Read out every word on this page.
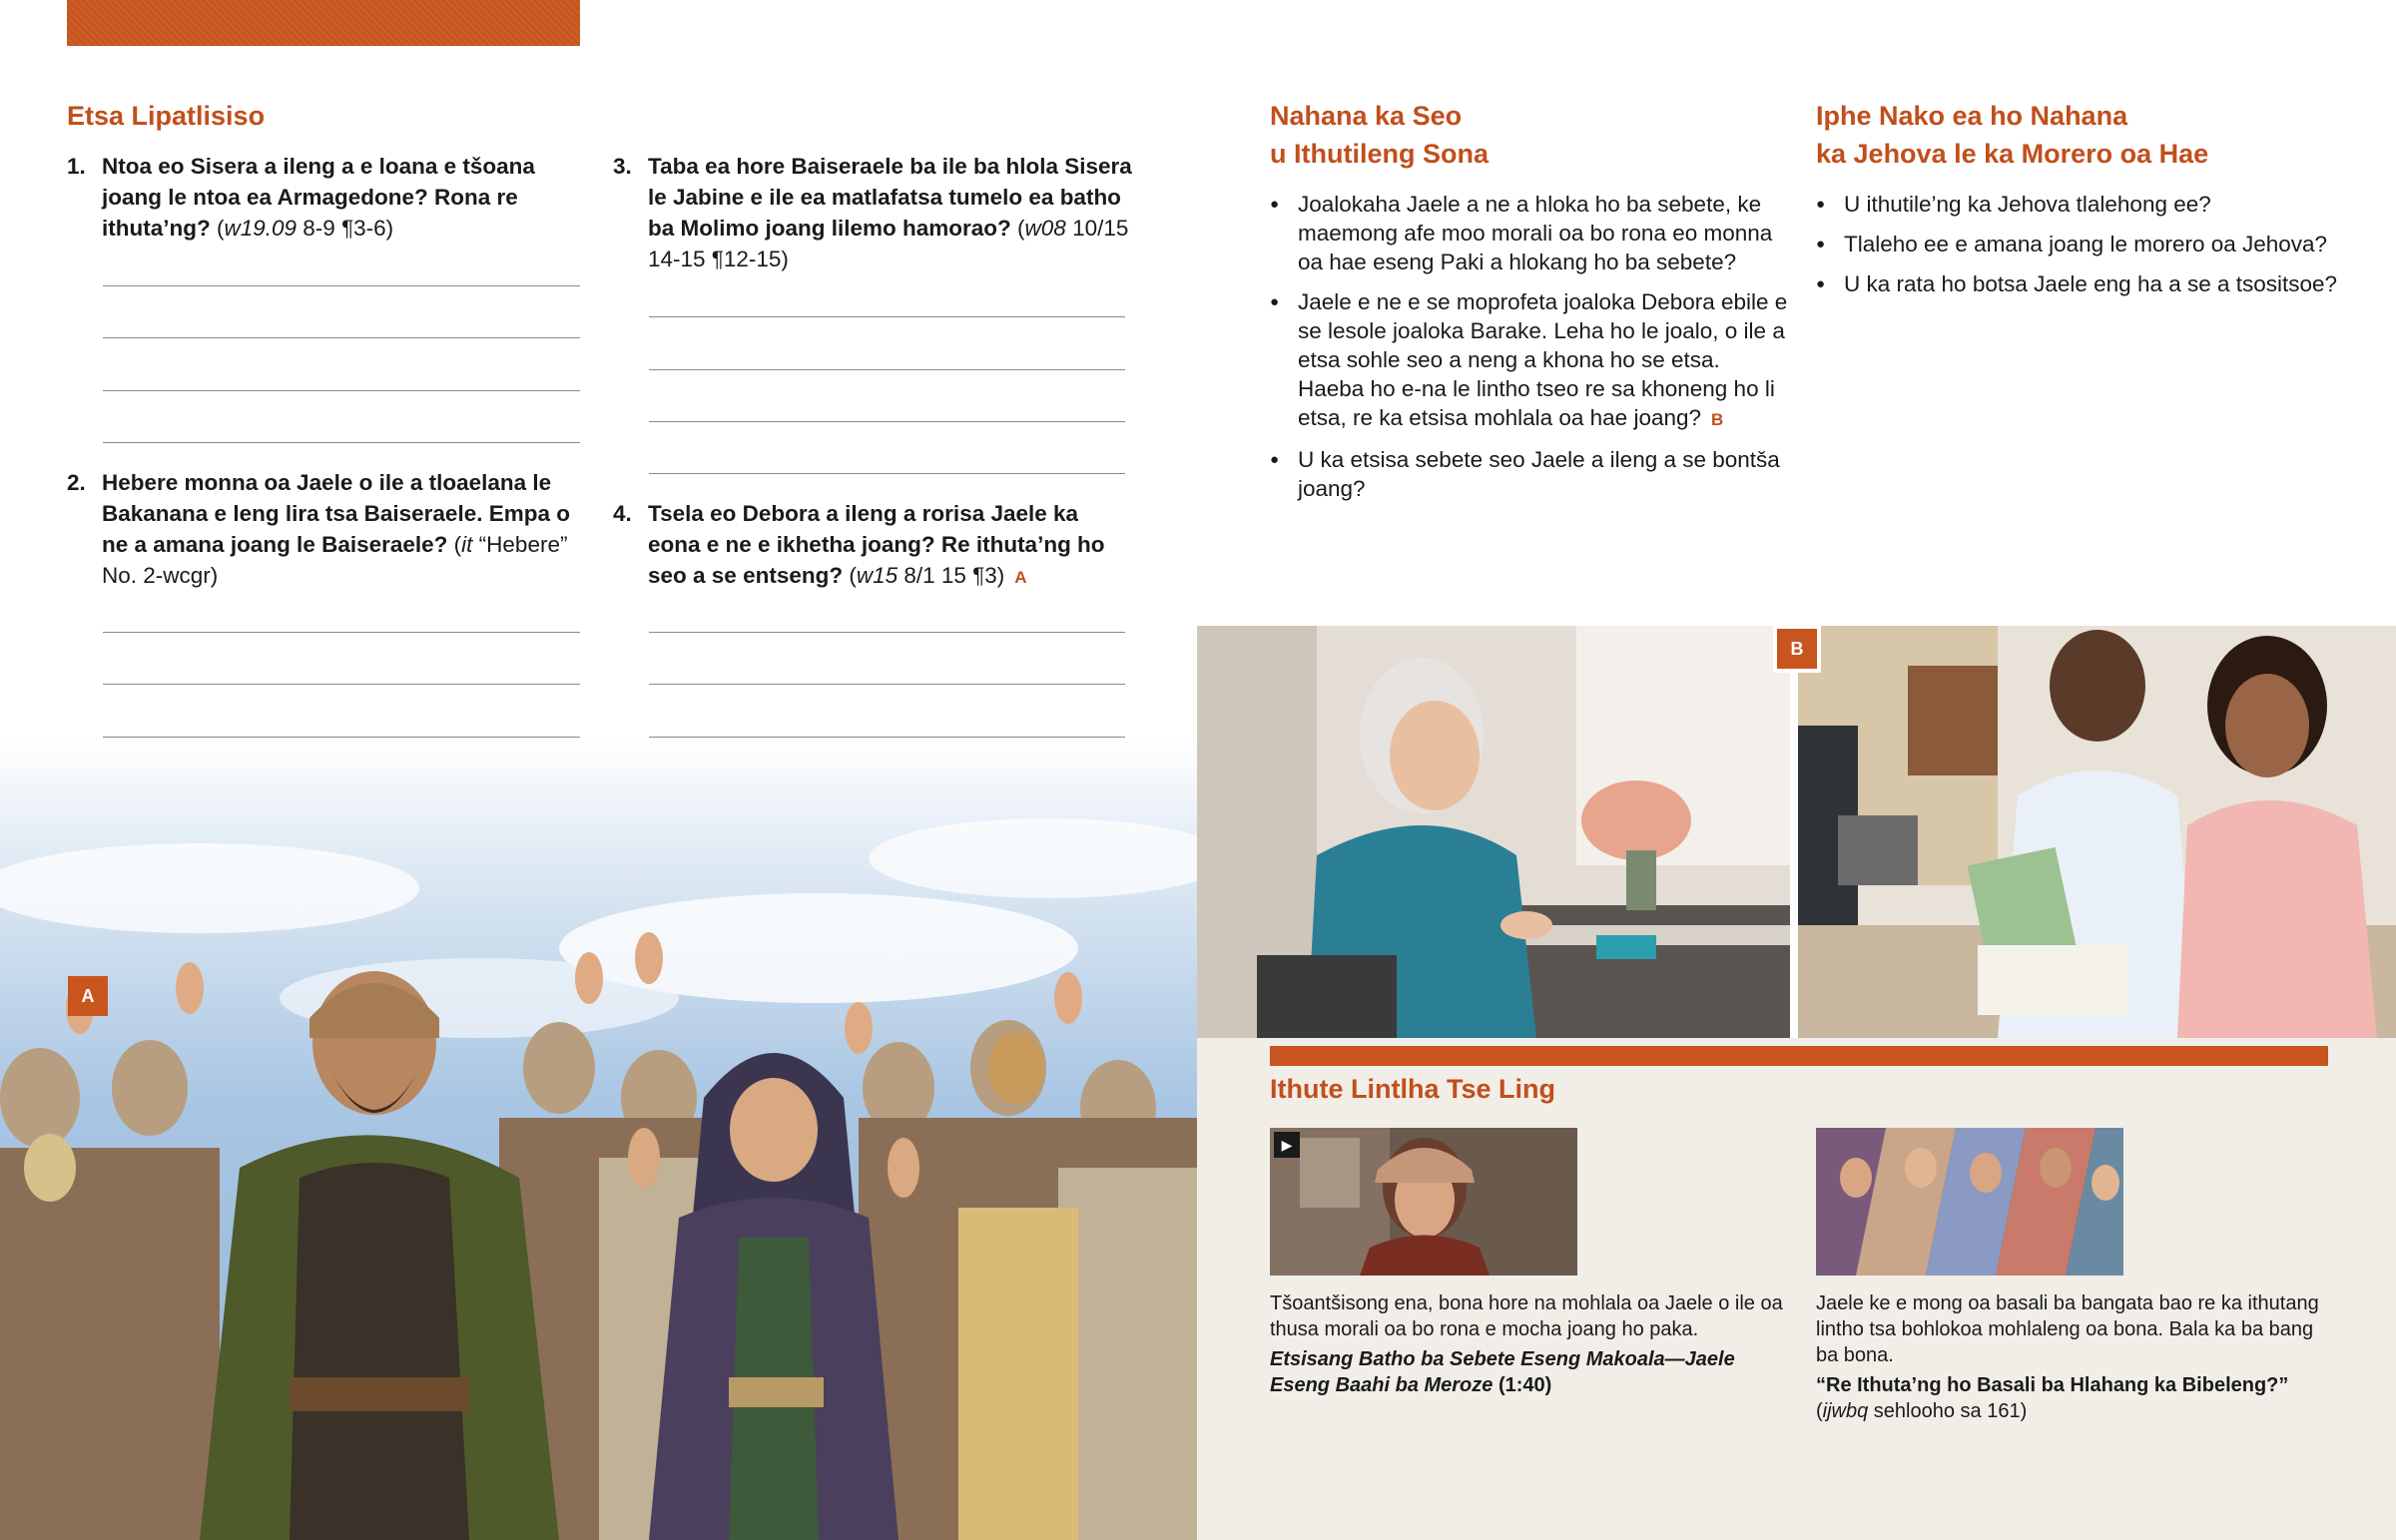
Etsa Lipatlisiso
1. Ntoa eo Sisera a ileng a e loana e tšoana joang le ntoa ea Armagedone? Rona re ithuta’ng? (w19.09 8-9 ¶3-6)
2. Hebere monna oa Jaele o ile a tloaelana le Bakanana e leng lira tsa Baiseraele. Empa o ne a amana joang le Baiseraele? (it “Hebere” No. 2-wcgr)
3. Taba ea hore Baiseraele ba ile ba hlola Sisera le Jabine e ile ea matlafatsa tumelo ea batho ba Molimo joang lilemo hamorao? (w08 10/15 14-15 ¶12-15)
4. Tsela eo Debora a ileng a rorisa Jaele ka eona e ne e ikhetha joang? Re ithuta’ng ho seo a se entseng? (w15 8/1 15 ¶3) A
A
Nahana ka Seo
u Ithutileng Sona
● Joalokaha Jaele a ne a hloka ho ba sebete, ke maemong afe moo morali oa bo rona eo monna oa hae eseng Paki a hlokang ho ba sebete?
● Jaele e ne e se moprofeta joaloka Debora ebile e se lesole joaloka Barake. Leha ho le joalo, o ile a etsa sohle seo a neng a khona ho se etsa. Haeba ho e-na le lintho tseo re sa khoneng ho li etsa, re ka etsisa mohlala oa hae joang? B
● U ka etsisa sebete seo Jaele a ileng a se bontša joang?
Iphe Nako ea ho Nahana
ka Jehova le ka Morero oa Hae
● U ithutile’ng ka Jehova tlalehong ee?
● Tlaleho ee e amana joang le morero oa Jehova?
● U ka rata ho botsa Jaele eng ha a se a tsositsoe?
B
Ithute Lintlha Tse Ling
▶
Tšoantšisong ena, bona hore na mohlala oa Jaele o ile oa thusa morali oa bo rona e mocha joang ho paka.
Etsisang Batho ba Sebete Eseng Makoala—Jaele Eseng Baahi ba Meroze (1:40)
Jaele ke e mong oa basali ba bangata bao re ka ithutang lintho tsa bohlokoa mohlaleng oa bona. Bala ka ba bang ba bona.
“Re Ithuta’ng ho Basali ba Hlahang ka Bibeleng?”
(ijwbq sehlooho sa 161)
